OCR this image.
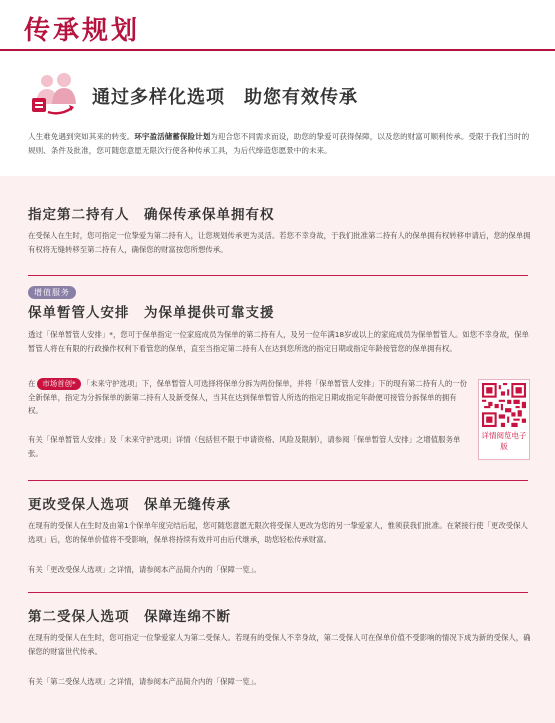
传承规划
通过多样化选项　助您有效传承
人生难免遇到突如其来的转变。环宇盈活储蓄保险计划为迎合您不同需求而设，助您的挚爱可获得保障，以及您的财富可顺利传承。受限于我们当时的规则、条件及批准，您可随您意愿无限次行使各种传承工具，为后代缔造您愿景中的未来。
指定第二持有人　确保传承保单拥有权
在受保人在生时，您可指定一位挚爱为第二持有人，让您规划传承更为灵活。若您不幸身故，于我们批准第二持有人的保单拥有权转移申请后，您的保单拥有权将无缝转移至第二持有人，确保您的财富按您所想传承。
增值服务
保单暂管人安排　为保单提供可靠支援
透过「保单暂管人安排」*，您可于保单指定一位家庭成员为保单的第二持有人，及另一位年满18岁或以上的家庭成员为保单暂管人。如您不幸身故，保单暂管人将在有限的行政操作权利下看管您的保单，直至当指定第二持有人在达到您所选的指定日期或指定年龄接管您的保单拥有权。
在 市场首创* 「未来守护选项」下，保单暂管人可选择将保单分拆为两份保单，并将「保单暂管人安排」下的现有第二持有人的一份全新保单，指定为分拆保单的新第二持有人及新受保人，当其在达到保单暂管人所选的指定日期或指定年龄便可接管分拆保单的拥有权。
有关「保单暂管人安排」及「未来守护选项」详情（包括但不限于申请资格、风险及限制），请参阅「保单暂管人安排」之增值服务单张。
详情阅览电子版
更改受保人选项　保单无缝传承
在现有的受保人在生时及由第1个保单年度完结后起，您可随您意愿无限次将受保人更改为您的另一挚爱家人，惟须获我们批准。在紧接行使「更改受保人选项」后，您的保单价值将不受影响，保单将持续有效并可由后代继承，助您轻松传承财富。
有关「更改受保人选项」之详情，请参阅本产品简介内的「保障一览」。
第二受保人选项　保障连绵不断
在现有的受保人在生时，您可指定一位挚爱家人为第二受保人。若现有的受保人不幸身故，第二受保人可在保单价值不受影响的情况下成为新的受保人，确保您的财富世代传承。
有关「第二受保人选项」之详情，请参阅本产品简介内的「保障一览」。
